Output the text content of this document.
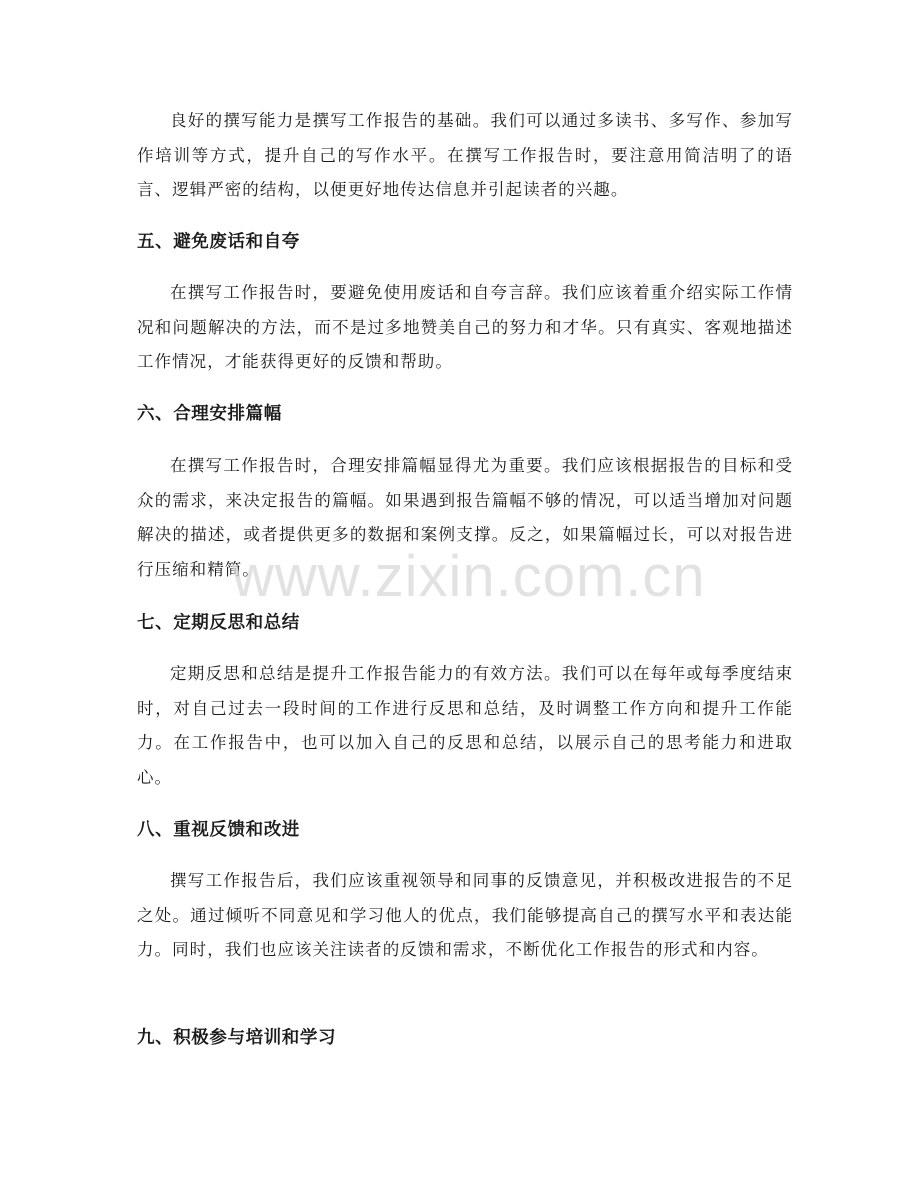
良好的撰写能力是撰写工作报告的基础。我们可以通过多读书、多写作、参加写作培训等方式，提升自己的写作水平。在撰写工作报告时，要注意用简洁明了的语言、逻辑严密的结构，以便更好地传达信息并引起读者的兴趣。

五、避免废话和自夸

在撰写工作报告时，要避免使用废话和自夸言辞。我们应该着重介绍实际工作情况和问题解决的方法，而不是过多地赞美自己的努力和才华。只有真实、客观地描述工作情况，才能获得更好的反馈和帮助。

六、合理安排篇幅

在撰写工作报告时，合理安排篇幅显得尤为重要。我们应该根据报告的目标和受众的需求，来决定报告的篇幅。如果遇到报告篇幅不够的情况，可以适当增加对问题解决的描述，或者提供更多的数据和案例支撑。反之，如果篇幅过长，可以对报告进行压缩和精简。

七、定期反思和总结

定期反思和总结是提升工作报告能力的有效方法。我们可以在每年或每季度结束时，对自己过去一段时间的工作进行反思和总结，及时调整工作方向和提升工作能力。在工作报告中，也可以加入自己的反思和总结，以展示自己的思考能力和进取心。

八、重视反馈和改进

撰写工作报告后，我们应该重视领导和同事的反馈意见，并积极改进报告的不足之处。通过倾听不同意见和学习他人的优点，我们能够提高自己的撰写水平和表达能力。同时，我们也应该关注读者的反馈和需求，不断优化工作报告的形式和内容。

九、积极参与培训和学习
www.zixin.com.cn
